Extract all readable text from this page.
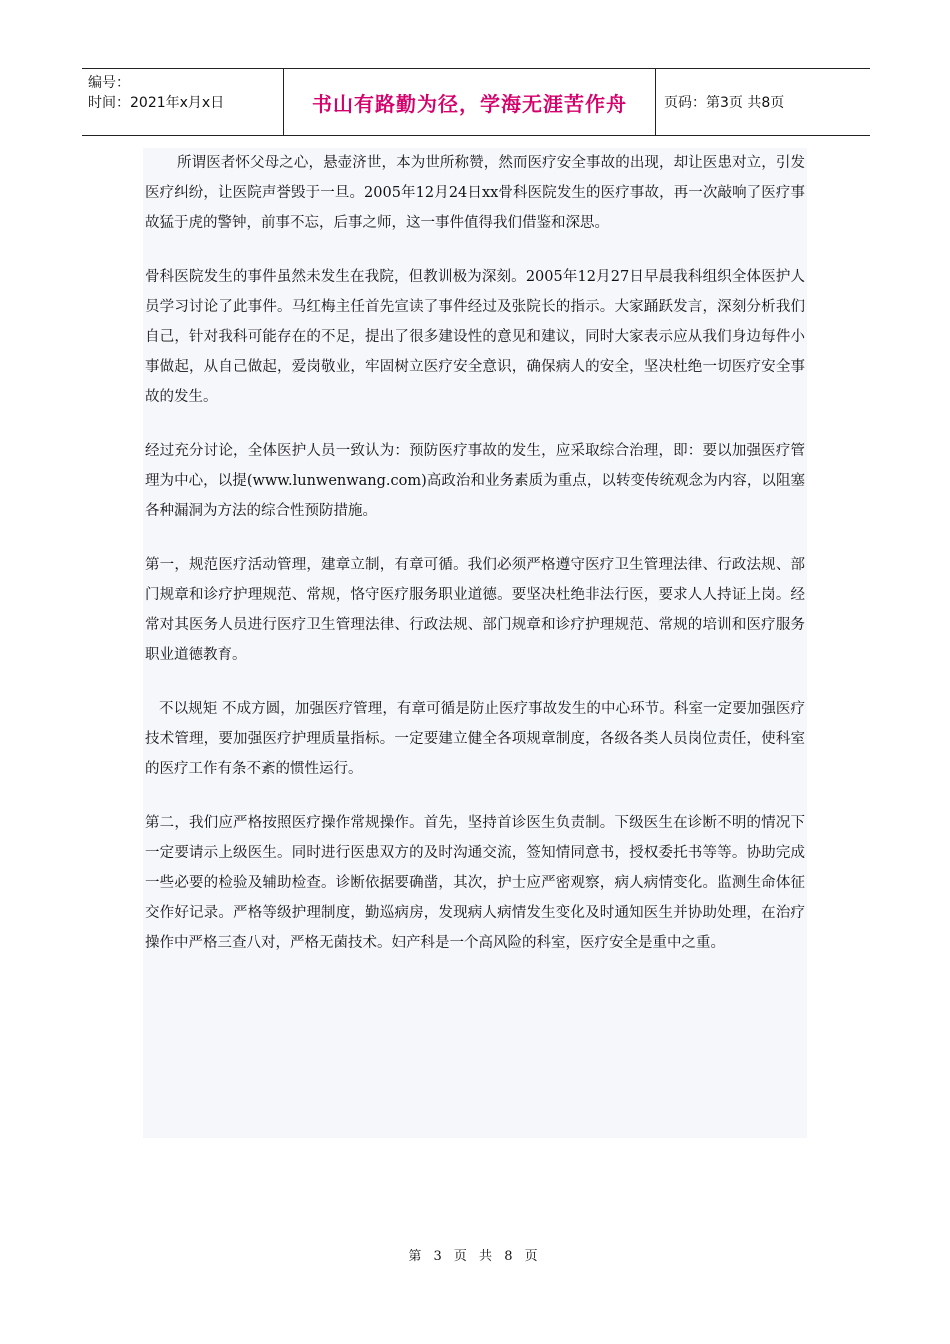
编号：
时间：2021年x月x日	书山有路勤为径，学海无涯苦作舟	页码：第3页 共8页

所谓医者怀父母之心，悬壶济世，本为世所称赞，然而医疗安全事故的出现，却让医患对立，引发医疗纠纷，让医院声誉毁于一旦。2005年12月24日xx骨科医院发生的医疗事故，再一次敲响了医疗事故猛于虎的警钟，前事不忘，后事之师，这一事件值得我们借鉴和深思。

骨科医院发生的事件虽然未发生在我院，但教训极为深刻。2005年12月27日早晨我科组织全体医护人员学习讨论了此事件。马红梅主任首先宣读了事件经过及张院长的指示。大家踊跃发言，深刻分析我们自己，针对我科可能存在的不足，提出了很多建设性的意见和建议，同时大家表示应从我们身边每件小事做起，从自己做起，爱岗敬业，牢固树立医疗安全意识，确保病人的安全，坚决杜绝一切医疗安全事故的发生。

经过充分讨论，全体医护人员一致认为：预防医疗事故的发生，应采取综合治理，即：要以加强医疗管理为中心，以提(www.lunwenwang.com)高政治和业务素质为重点，以转变传统观念为内容，以阻塞各种漏洞为方法的综合性预防措施。

第一，规范医疗活动管理，建章立制，有章可循。我们必须严格遵守医疗卫生管理法律、行政法规、部门规章和诊疗护理规范、常规，恪守医疗服务职业道德。要坚决杜绝非法行医，要求人人持证上岗。经常对其医务人员进行医疗卫生管理法律、行政法规、部门规章和诊疗护理规范、常规的培训和医疗服务职业道德教育。

不以规矩 不成方圆，加强医疗管理，有章可循是防止医疗事故发生的中心环节。科室一定要加强医疗技术管理，要加强医疗护理质量指标。一定要建立健全各项规章制度，各级各类人员岗位责任，使科室的医疗工作有条不紊的惯性运行。

第二，我们应严格按照医疗操作常规操作。首先，坚持首诊医生负责制。下级医生在诊断不明的情况下一定要请示上级医生。同时进行医患双方的及时沟通交流，签知情同意书，授权委托书等等。协助完成一些必要的检验及辅助检查。诊断依据要确凿，其次，护士应严密观察，病人病情变化。监测生命体征交作好记录。严格等级护理制度，勤巡病房，发现病人病情发生变化及时通知医生并协助处理，在治疗操作中严格三查八对，严格无菌技术。妇产科是一个高风险的科室，医疗安全是重中之重。

第 3 页 共 8 页
